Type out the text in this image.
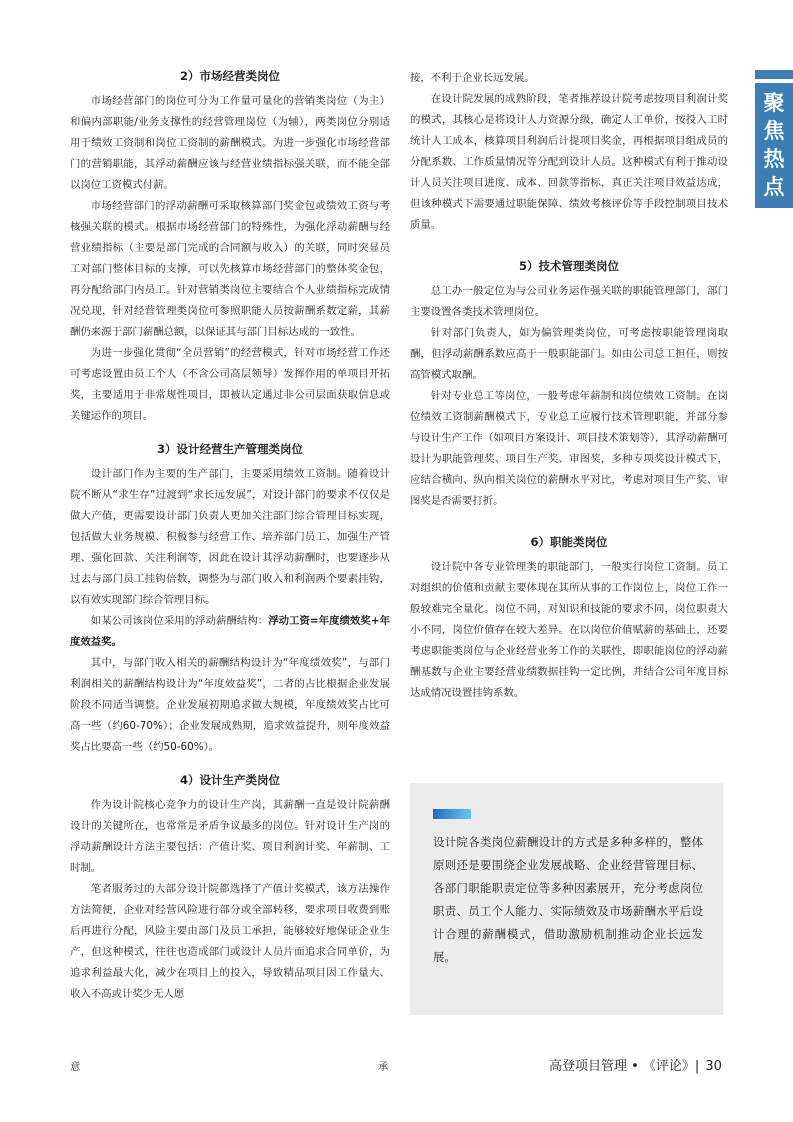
聚
焦
热
点
2）市场经营类岗位

市场经营部门的岗位可分为工作量可量化的营销类岗位（为主）和偏内部职能/业务支撑性的经营管理岗位（为辅），两类岗位分别适用于绩效工资制和岗位工资制的薪酬模式。为进一步强化市场经营部门的营销职能，其浮动薪酬应该与经营业绩指标强关联，而不能全部以岗位工资模式付薪。

市场经营部门的浮动薪酬可采取核算部门奖金包或绩效工资与考核强关联的模式。根据市场经营部门的特殊性，为强化浮动薪酬与经营业绩指标（主要是部门完成的合同额与收入）的关联，同时突显员工对部门整体目标的支撑，可以先核算市场经营部门的整体奖金包，再分配给部门内员工。针对营销类岗位主要结合个人业绩指标完成情况兑现，针对经营管理类岗位可参照职能人员按薪酬系数定薪，其薪酬仍来源于部门薪酬总额，以保证其与部门目标达成的一致性。

为进一步强化贯彻“全员营销”的经营模式，针对市场经营工作还可考虑设置由员工个人（不含公司高层领导）发挥作用的单项目开拓奖，主要适用于非常规性项目，即被认定通过非公司层面获取信息或关键运作的项目。

3）设计经营生产管理类岗位

设计部门作为主要的生产部门，主要采用绩效工资制。随着设计院不断从“求生存”过渡到“求长远发展”，对设计部门的要求不仅仅是做大产值，更需要设计部门负责人更加关注部门综合管理目标实现，包括做大业务规模、积极参与经营工作、培养部门员工、加强生产管理、强化回款、关注利润等，因此在设计其浮动薪酬时，也要逐步从过去与部门员工挂钩倍数，调整为与部门收入和利润两个要素挂钩，以有效实现部门综合管理目标。

如某公司该岗位采用的浮动薪酬结构：浮动工资=年度绩效奖+年度效益奖。

其中，与部门收入相关的薪酬结构设计为“年度绩效奖”，与部门利润相关的薪酬结构设计为“年度效益奖”，二者的占比根据企业发展阶段不同适当调整。企业发展初期追求做大规模，年度绩效奖占比可高一些（约60-70%）；企业发展成熟期，追求效益提升，则年度效益奖占比要高一些（约50-60%）。

4）设计生产类岗位

作为设计院核心竞争力的设计生产岗，其薪酬一直是设计院薪酬设计的关键所在，也常常是矛盾争议最多的岗位。针对设计生产岗的浮动薪酬设计方法主要包括：产值计奖、项目利润计奖、年薪制、工时制。

笔者服务过的大部分设计院都选择了产值计奖模式，该方法操作方法简便，企业对经营风险进行部分或全部转移，要求项目收费到账后再进行分配，风险主要由部门及员工承担，能够较好地保证企业生产，但这种模式，往往也造成部门或设计人员片面追求合同单价，为追求利益最大化，减少在项目上的投入，导致精品项目因工作量大、收入不高或计奖少无人愿

意	承

接，不利于企业长远发展。

在设计院发展的成熟阶段，笔者推荐设计院考虑按项目利润计奖的模式，其核心是将设计人力资源分级，确定人工单价，按投入工时统计人工成本，核算项目利润后计提项目奖金，再根据项目组成员的分配系数、工作质量情况等分配到设计人员。这种模式有利于推动设计人员关注项目进度、成本、回款等指标，真正关注项目效益达成，但该种模式下需要通过职能保障、绩效考核评价等手段控制项目技术质量。

5）技术管理类岗位

总工办一般定位为与公司业务运作强关联的职能管理部门，部门主要设置各类技术管理岗位。

针对部门负责人，如为偏管理类岗位，可考虑按职能管理岗取酬，但浮动薪酬系数应高于一般职能部门。如由公司总工担任，则按高管模式取酬。

针对专业总工等岗位，一般考虑年薪制和岗位绩效工资制。在岗位绩效工资制薪酬模式下，专业总工应履行技术管理职能，并部分参与设计生产工作（如项目方案设计、项目技术策划等），其浮动薪酬可设计为职能管理奖、项目生产奖、审图奖，多种专项奖设计模式下，应结合横向、纵向相关岗位的薪酬水平对比，考虑对项目生产奖、审图奖是否需要打折。

6）职能类岗位

设计院中各专业管理类的职能部门，一般实行岗位工资制。员工对组织的价值和贡献主要体现在其所从事的工作岗位上，岗位工作一般较难完全量化。岗位不同，对知识和技能的要求不同，岗位职责大小不同，岗位价值存在较大差异。在以岗位价值赋薪的基础上，还要考虑职能类岗位与企业经营业务工作的关联性，即职能岗位的浮动薪酬基数与企业主要经营业绩数据挂钩一定比例，并结合公司年度目标达成情况设置挂钩系数。

设计院各类岗位薪酬设计的方式是多种多样的，整体原则还是要围绕企业发展战略、企业经营管理目标、各部门职能职责定位等多种因素展开，充分考虑岗位职责、员工个人能力、实际绩效及市场薪酬水平后设计合理的薪酬模式，借助激励机制推动企业长远发展。
高登项目管理 • 《评论》| 30
